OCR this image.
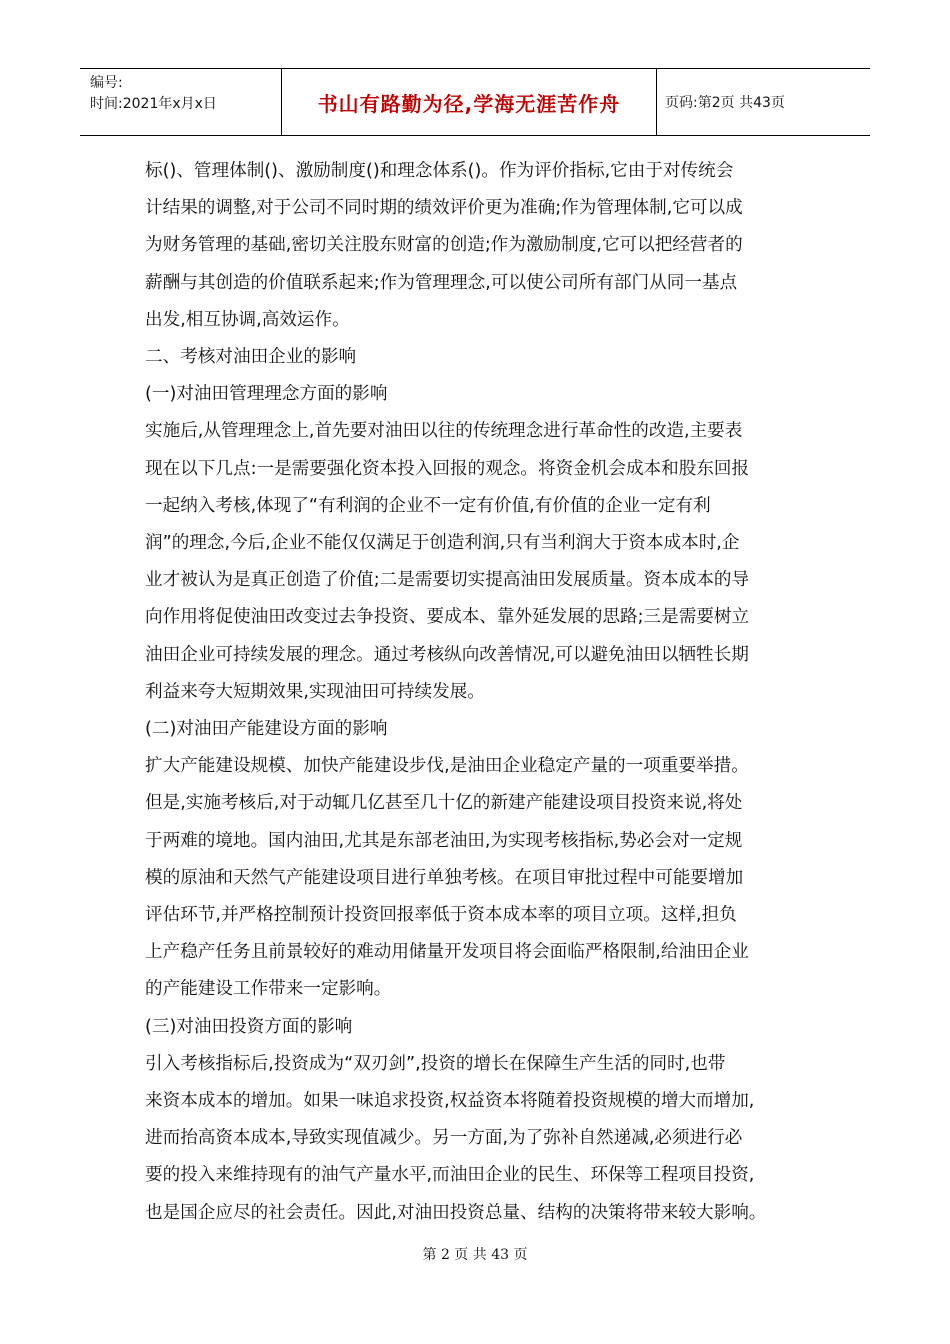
编号:
时间:2021年x月x日	书山有路勤为径,学海无涯苦作舟	页码:第2页 共43页

标()、管理体制()、激励制度()和理念体系()。作为评价指标,它由于对传统会

计结果的调整,对于公司不同时期的绩效评价更为准确;作为管理体制,它可以成

为财务管理的基础,密切关注股东财富的创造;作为激励制度,它可以把经营者的

薪酬与其创造的价值联系起来;作为管理理念,可以使公司所有部门从同一基点

出发,相互协调,高效运作。

二、考核对油田企业的影响

(一)对油田管理理念方面的影响

实施后,从管理理念上,首先要对油田以往的传统理念进行革命性的改造,主要表

现在以下几点:一是需要强化资本投入回报的观念。将资金机会成本和股东回报

一起纳入考核,体现了“有利润的企业不一定有价值,有价值的企业一定有利

润”的理念,今后,企业不能仅仅满足于创造利润,只有当利润大于资本成本时,企

业才被认为是真正创造了价值;二是需要切实提高油田发展质量。资本成本的导

向作用将促使油田改变过去争投资、要成本、靠外延发展的思路;三是需要树立

油田企业可持续发展的理念。通过考核纵向改善情况,可以避免油田以牺牲长期

利益来夸大短期效果,实现油田可持续发展。

(二)对油田产能建设方面的影响

扩大产能建设规模、加快产能建设步伐,是油田企业稳定产量的一项重要举措。

但是,实施考核后,对于动辄几亿甚至几十亿的新建产能建设项目投资来说,将处

于两难的境地。国内油田,尤其是东部老油田,为实现考核指标,势必会对一定规

模的原油和天然气产能建设项目进行单独考核。在项目审批过程中可能要增加

评估环节,并严格控制预计投资回报率低于资本成本率的项目立项。这样,担负

上产稳产任务且前景较好的难动用储量开发项目将会面临严格限制,给油田企业

的产能建设工作带来一定影响。

(三)对油田投资方面的影响

引入考核指标后,投资成为“双刃剑”,投资的增长在保障生产生活的同时,也带

来资本成本的增加。如果一味追求投资,权益资本将随着投资规模的增大而增加,

进而抬高资本成本,导致实现值减少。另一方面,为了弥补自然递减,必须进行必

要的投入来维持现有的油气产量水平,而油田企业的民生、环保等工程项目投资,

也是国企应尽的社会责任。因此,对油田投资总量、结构的决策将带来较大影响。

第 2 页 共 43 页
